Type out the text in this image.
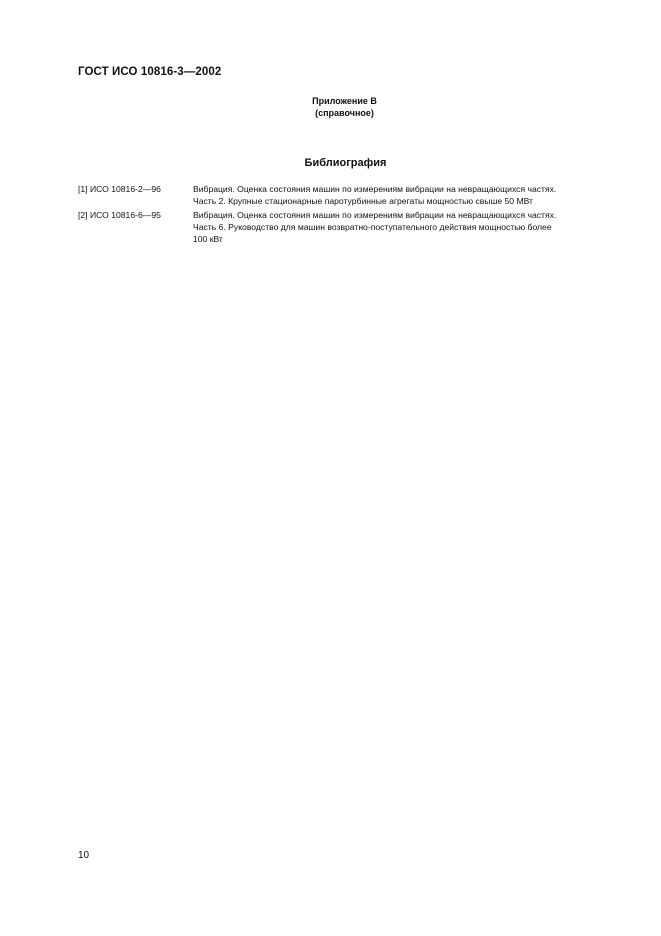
ГОСТ ИСО 10816-3—2002
Приложение В
(справочное)
Библиография
[1] ИСО 10816-2—96	Вибрация. Оценка состояния машин по измерениям вибрации на невращающихся частях.
Часть 2. Крупные стационарные паротурбинные агрегаты мощностью свыше 50 МВт
[2] ИСО 10816-6—95	Вибрация. Оценка состояния машин по измерениям вибрации на невращающихся частях.
Часть 6. Руководство для машин возвратно-поступательного действия мощностью более
100 кВт
10
